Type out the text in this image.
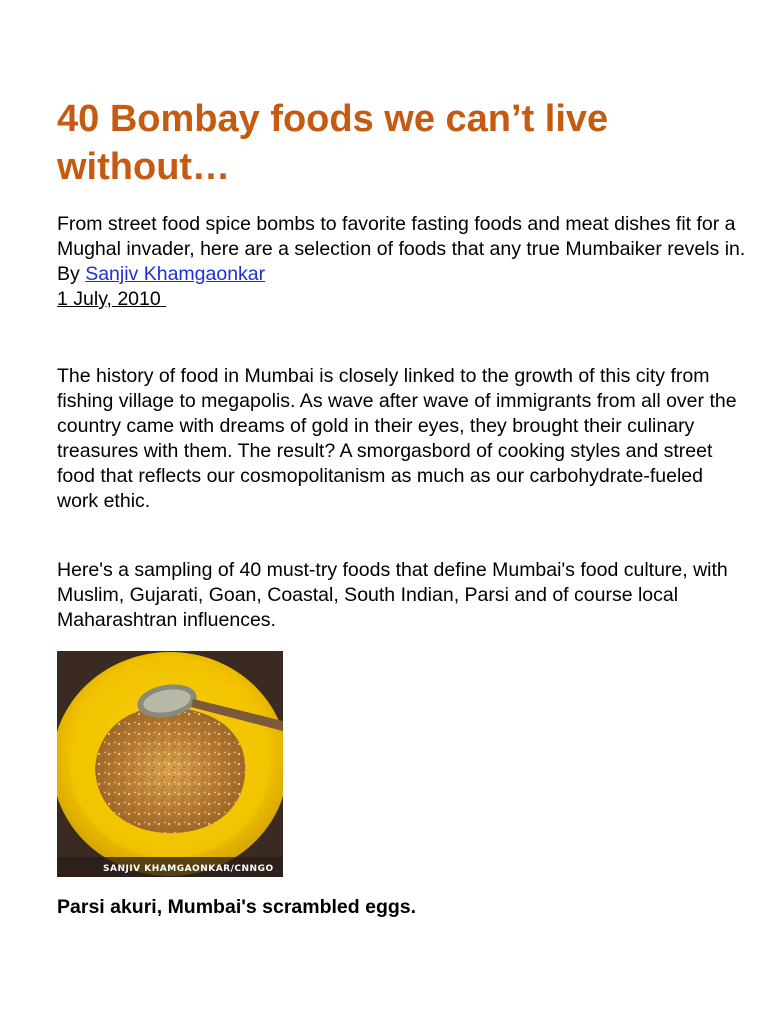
40 Bombay foods we can’t live without…

From street food spice bombs to favorite fasting foods and meat dishes fit for a Mughal invader, here are a selection of foods that any true Mumbaiker revels in.
By Sanjiv Khamgaonkar
1 July, 2010

The history of food in Mumbai is closely linked to the growth of this city from fishing village to megapolis. As wave after wave of immigrants from all over the country came with dreams of gold in their eyes, they brought their culinary treasures with them. The result? A smorgasbord of cooking styles and street food that reflects our cosmopolitanism as much as our carbohydrate-fueled work ethic.

Here's a sampling of 40 must-try foods that define Mumbai's food culture, with Muslim, Gujarati, Goan, Coastal, South Indian, Parsi and of course local Maharashtran influences.

SANJIV KHAMGAONKAR/CNNGO

Parsi akuri, Mumbai's scrambled eggs.
